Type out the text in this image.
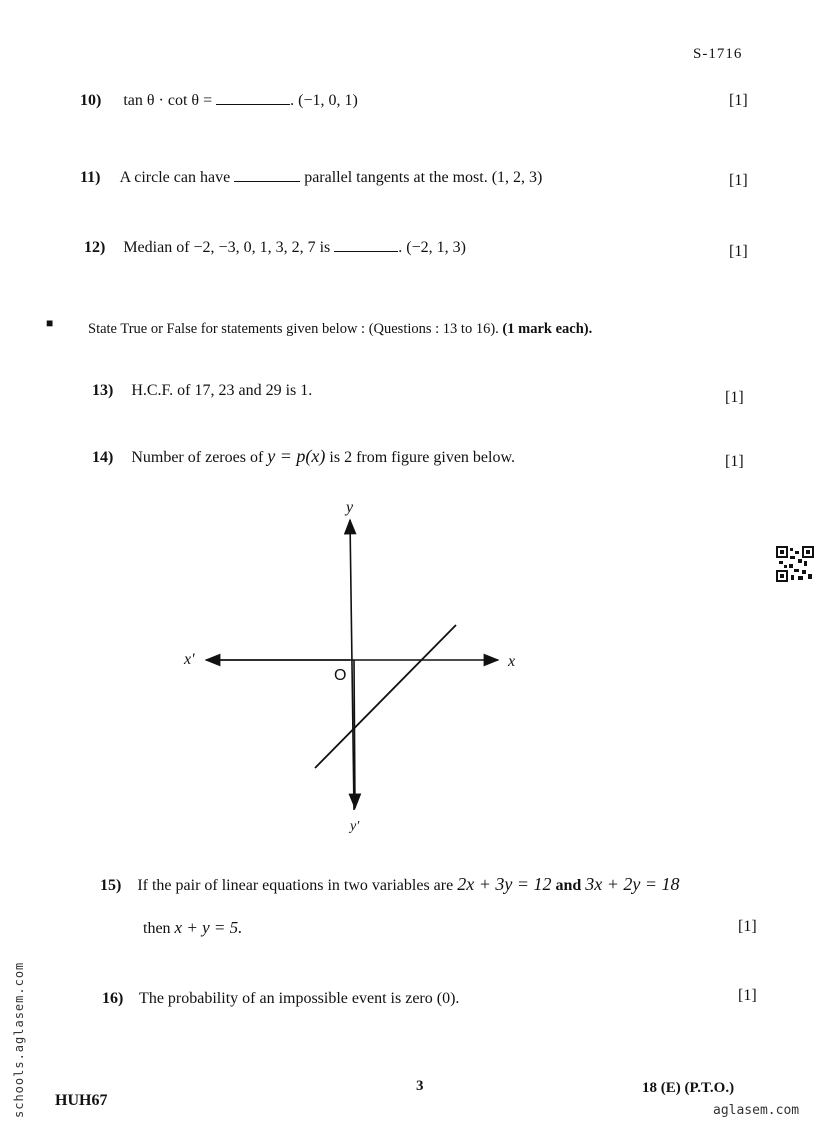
S-1716
10) tan θ · cot θ =	. (−1, 0, 1)	[1]
11) A circle can have	parallel tangents at the most. (1, 2, 3)	[1]
12) Median of −2, −3, 0, 1, 3, 2, 7 is	. (−2, 1, 3)	[1]
■ State True or False for statements given below : (Questions : 13 to 16). (1 mark each).
13) H.C.F. of 17, 23 and 29 is 1.	[1]
14) Number of zeroes of y = p(x) is 2 from figure given below.	[1]
y
y′
x
x′
O
15) If the pair of linear equations in two variables are 2x + 3y = 12 and 3x + 2y = 18
then x + y = 5.	[1]
16) The probability of an impossible event is zero (0).	[1]
HUH67
3	18 (E) (P.T.O.)
schools.aglasem.com	aglasem.com
